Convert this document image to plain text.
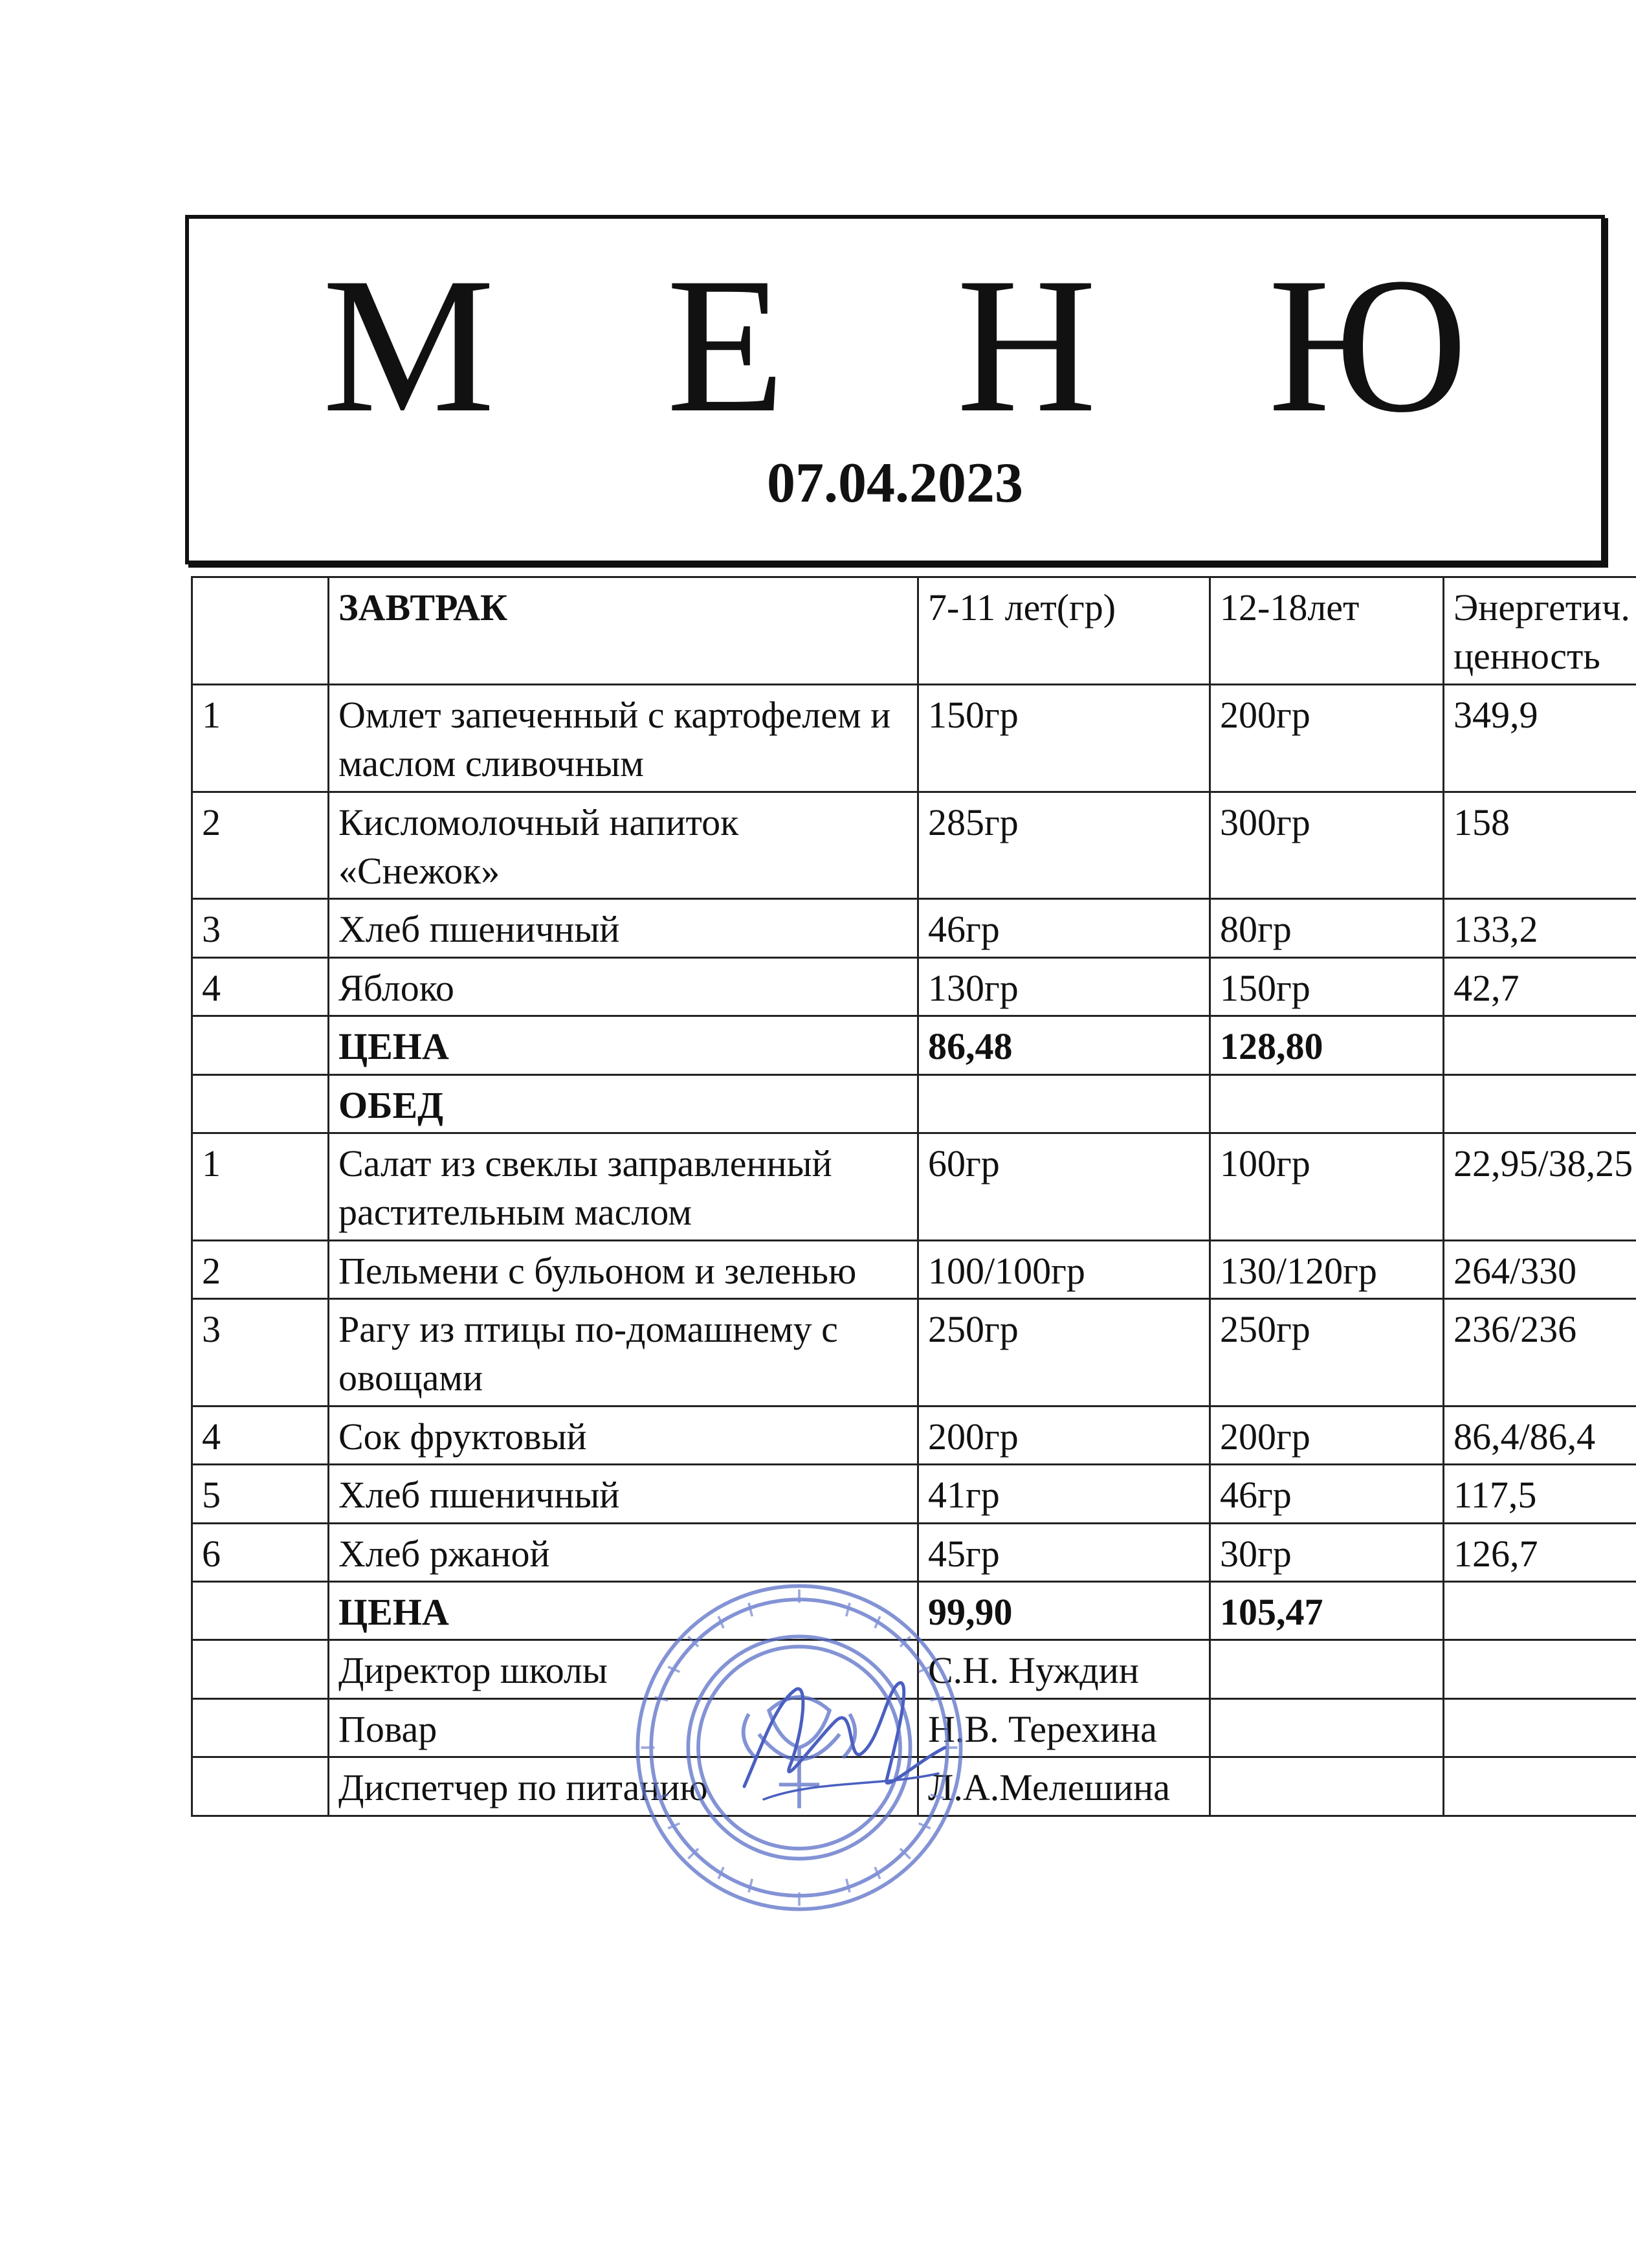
М Е Н Ю
07.04.2023
	ЗАВТРАК	7-11 лет(гр)	12-18лет	Энергетич. ценность
1	Омлет запеченный с картофелем и маслом сливочным	150гр	200гр	349,9
2	Кисломолочный напиток «Снежок»	285гр	300гр	158
3	Хлеб пшеничный	46гр	80гр	133,2
4	Яблоко	130гр	150гр	42,7
	ЦЕНА	86,48	128,80	
	ОБЕД			
1	Салат из свеклы заправленный растительным маслом	60гр	100гр	22,95/38,25
2	Пельмени с бульоном и зеленью	100/100гр	130/120гр	264/330
3	Рагу из птицы по-домашнему с овощами	250гр	250гр	236/236
4	Сок фруктовый	200гр	200гр	86,4/86,4
5	Хлеб пшеничный	41гр	46гр	117,5
6	Хлеб ржаной	45гр	30гр	126,7
	ЦЕНА	99,90	105,47	
	Директор школы	С.Н. Нуждин		
	Повар	Н.В. Терехина		
	Диспетчер по питанию	Л.А.Мелешина		
